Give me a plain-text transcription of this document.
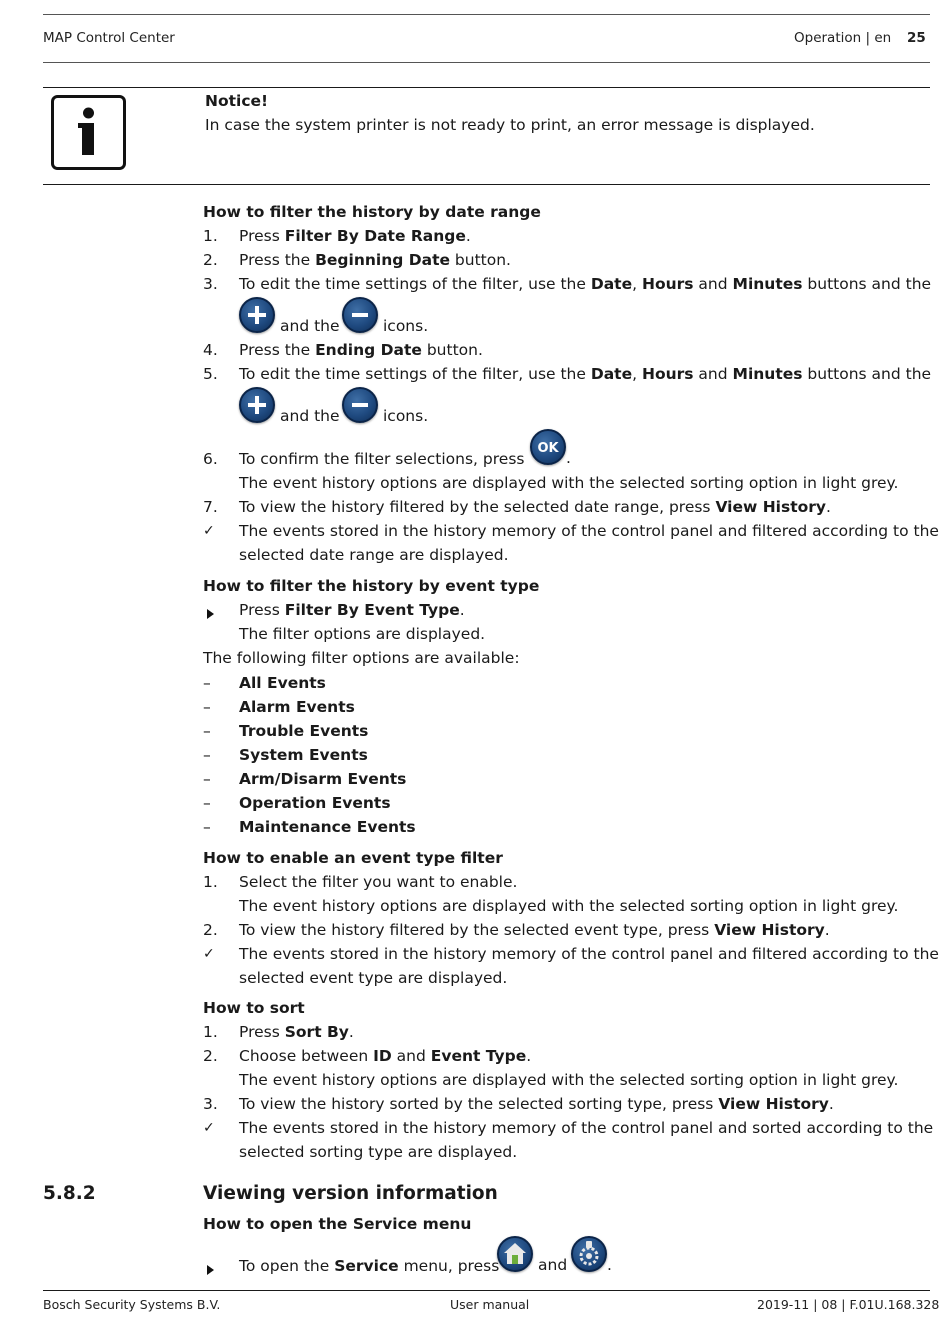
MAP Control Center	Operation | en 25
Notice!
In case the system printer is not ready to print, an error message is displayed.
How to filter the history by date range
1. Press Filter By Date Range.
2. Press the Beginning Date button.
3. To edit the time settings of the filter, use the Date, Hours and Minutes buttons and the
and the	icons.
4. Press the Ending Date button.
5. To edit the time settings of the filter, use the Date, Hours and Minutes buttons and the
and the	icons.
6. To confirm the filter selections, press
OK
.
The event history options are displayed with the selected sorting option in light grey.
7. To view the history filtered by the selected date range, press View History.
✓ The events stored in the history memory of the control panel and filtered according to the
selected date range are displayed.
How to filter the history by event type
Press Filter By Event Type.
The filter options are displayed.
The following filter options are available:
– All Events
– Alarm Events
– Trouble Events
– System Events
– Arm/Disarm Events
– Operation Events
– Maintenance Events
How to enable an event type filter
1. Select the filter you want to enable.
The event history options are displayed with the selected sorting option in light grey.
2. To view the history filtered by the selected event type, press View History.
✓ The events stored in the history memory of the control panel and filtered according to the
selected event type are displayed.
How to sort
1. Press Sort By.
2. Choose between ID and Event Type.
The event history options are displayed with the selected sorting option in light grey.
3. To view the history sorted by the selected sorting type, press View History.
✓ The events stored in the history memory of the control panel and sorted according to the
selected sorting type are displayed.
5.8.2	Viewing version information
How to open the Service menu
To open the Service menu, press and	.
Bosch Security Systems B.V.	User manual	2019-11 | 08 | F.01U.168.328
